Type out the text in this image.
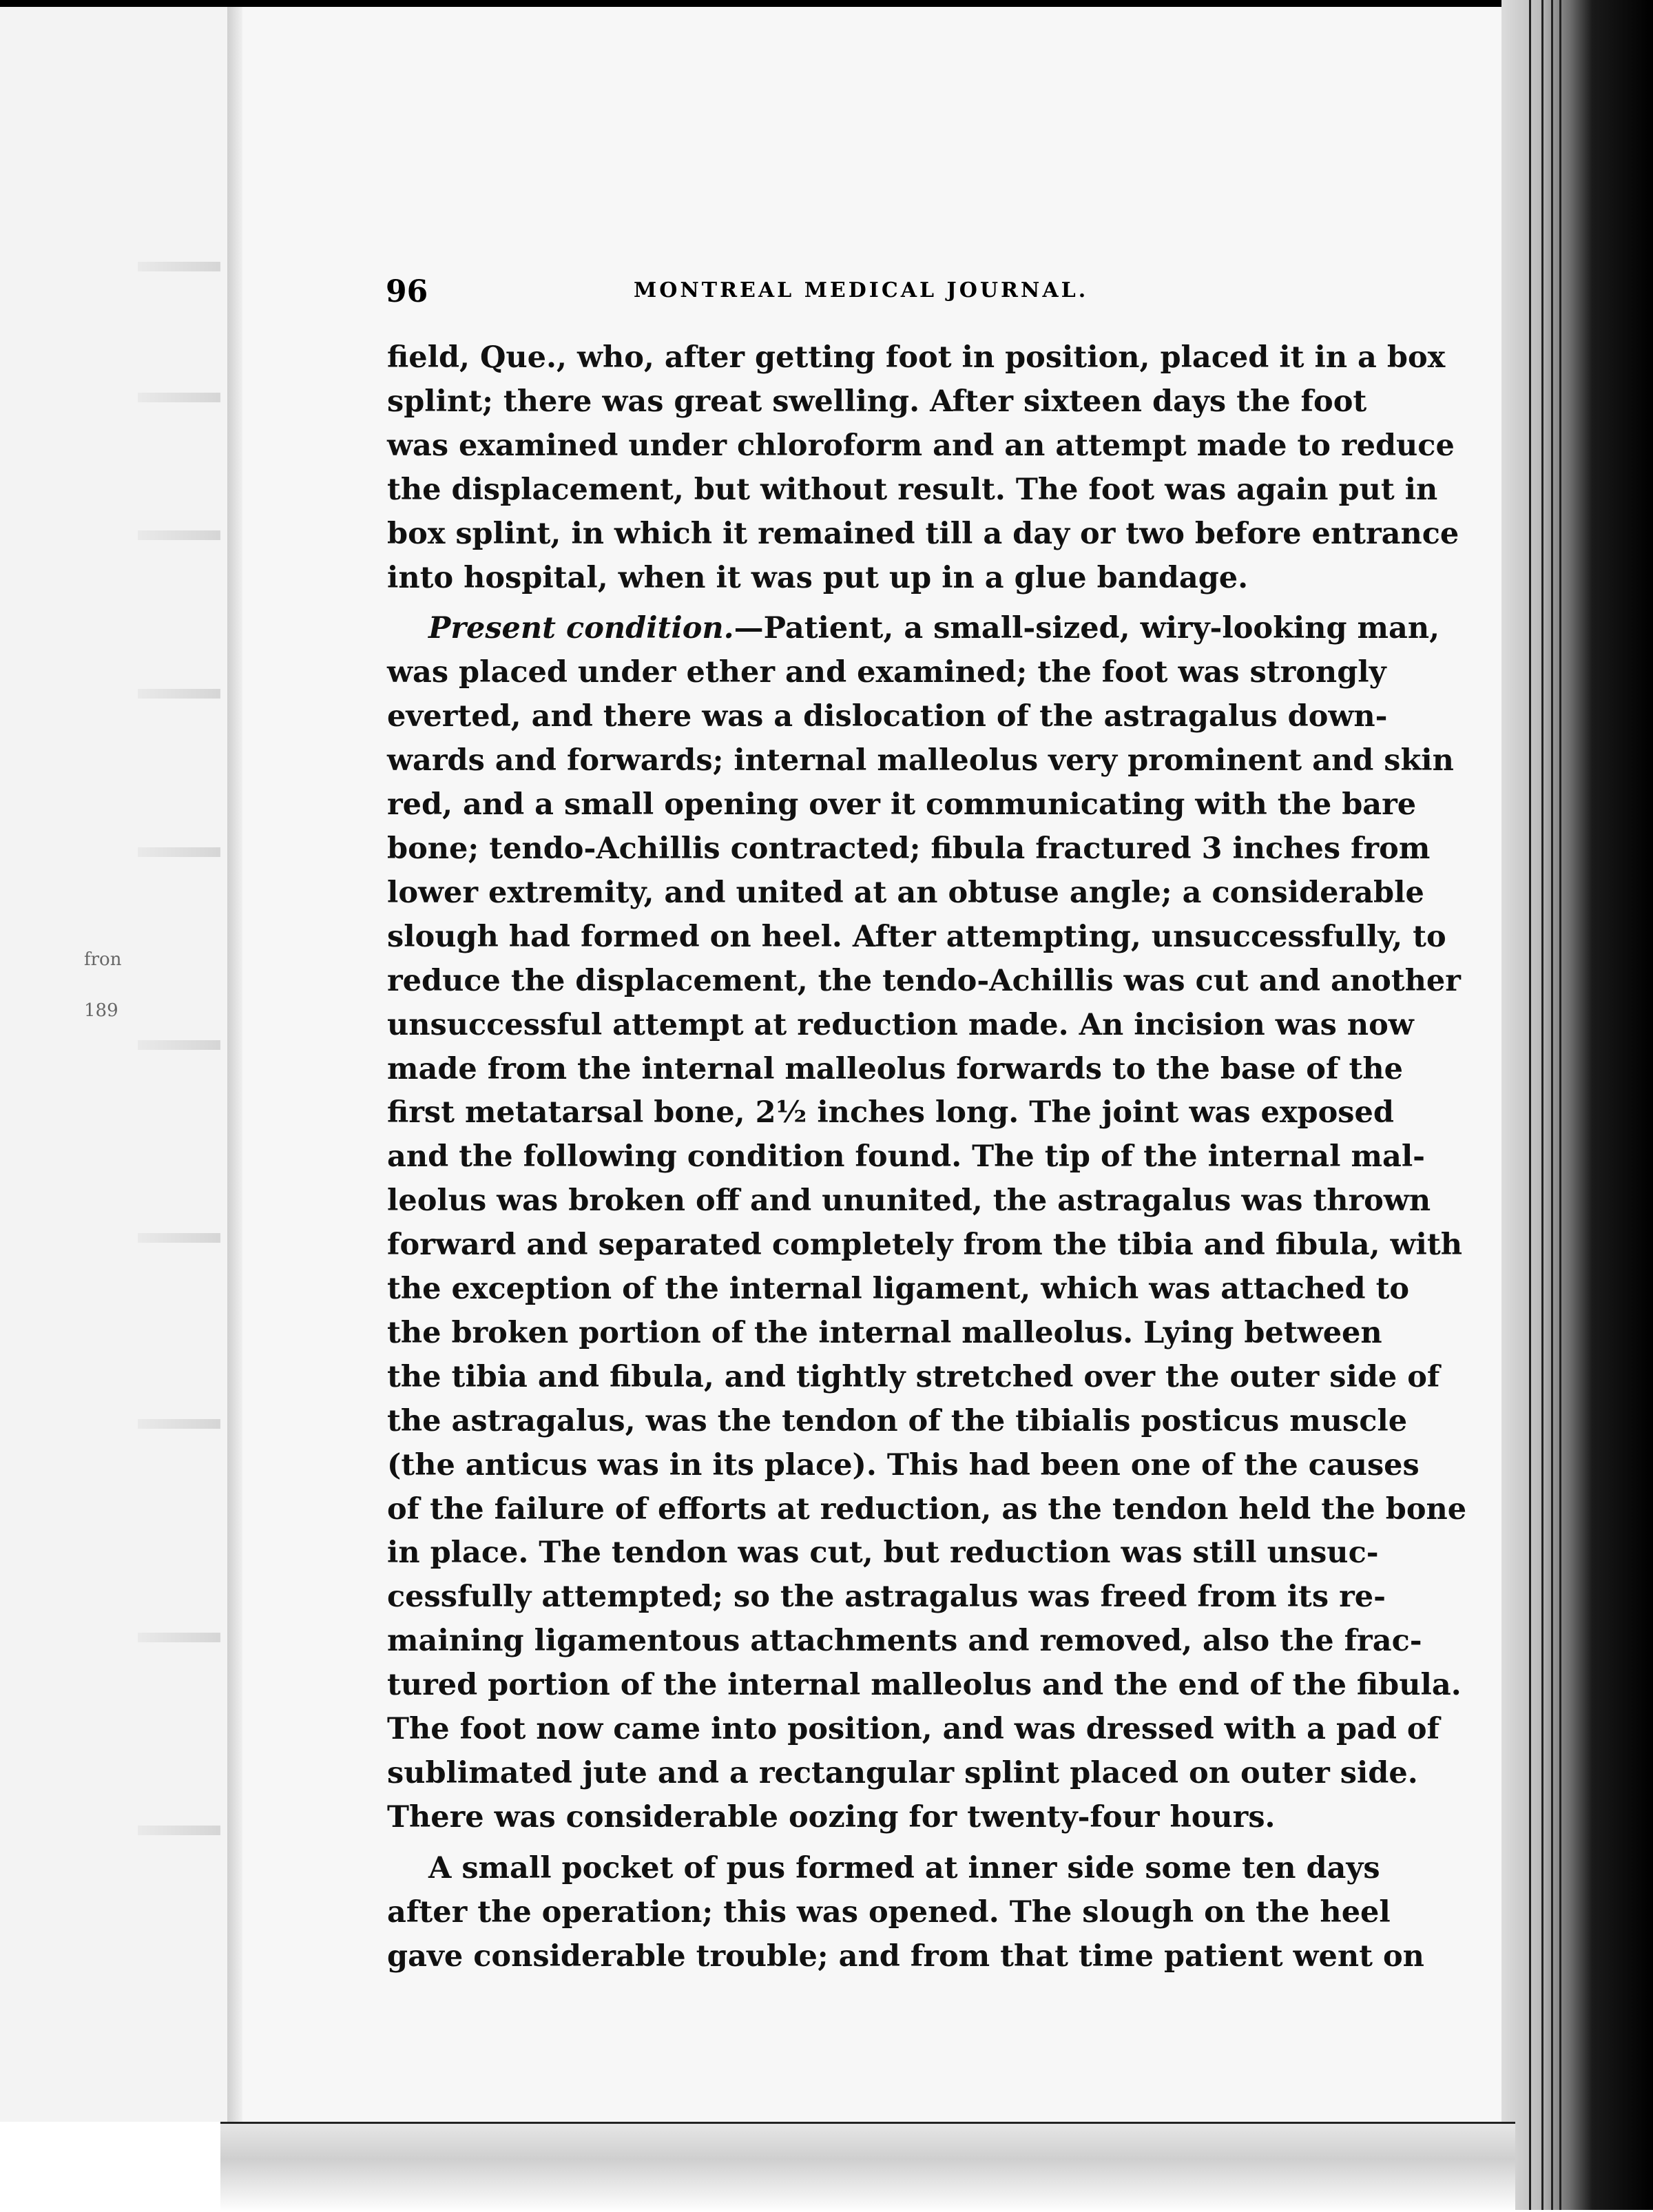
fron
189
96	MONTREAL MEDICAL JOURNAL.

field, Que., who, after getting foot in position, placed it in a box
splint; there was great swelling. After sixteen days the foot
was examined under chloroform and an attempt made to reduce
the displacement, but without result. The foot was again put in
box splint, in which it remained till a day or two before entrance
into hospital, when it was put up in a glue bandage.

Present condition.—Patient, a small-sized, wiry-looking man,
was placed under ether and examined; the foot was strongly
everted, and there was a dislocation of the astragalus down-
wards and forwards; internal malleolus very prominent and skin
red, and a small opening over it communicating with the bare
bone; tendo-Achillis contracted; fibula fractured 3 inches from
lower extremity, and united at an obtuse angle; a considerable
slough had formed on heel. After attempting, unsuccessfully, to
reduce the displacement, the tendo-Achillis was cut and another
unsuccessful attempt at reduction made. An incision was now
made from the internal malleolus forwards to the base of the
first metatarsal bone, 2½ inches long. The joint was exposed
and the following condition found. The tip of the internal mal-
leolus was broken off and ununited, the astragalus was thrown
forward and separated completely from the tibia and fibula, with
the exception of the internal ligament, which was attached to
the broken portion of the internal malleolus. Lying between
the tibia and fibula, and tightly stretched over the outer side of
the astragalus, was the tendon of the tibialis posticus muscle
(the anticus was in its place). This had been one of the causes
of the failure of efforts at reduction, as the tendon held the bone
in place. The tendon was cut, but reduction was still unsuc-
cessfully attempted; so the astragalus was freed from its re-
maining ligamentous attachments and removed, also the frac-
tured portion of the internal malleolus and the end of the fibula.
The foot now came into position, and was dressed with a pad of
sublimated jute and a rectangular splint placed on outer side.
There was considerable oozing for twenty-four hours.

A small pocket of pus formed at inner side some ten days
after the operation; this was opened. The slough on the heel
gave considerable trouble; and from that time patient went on
